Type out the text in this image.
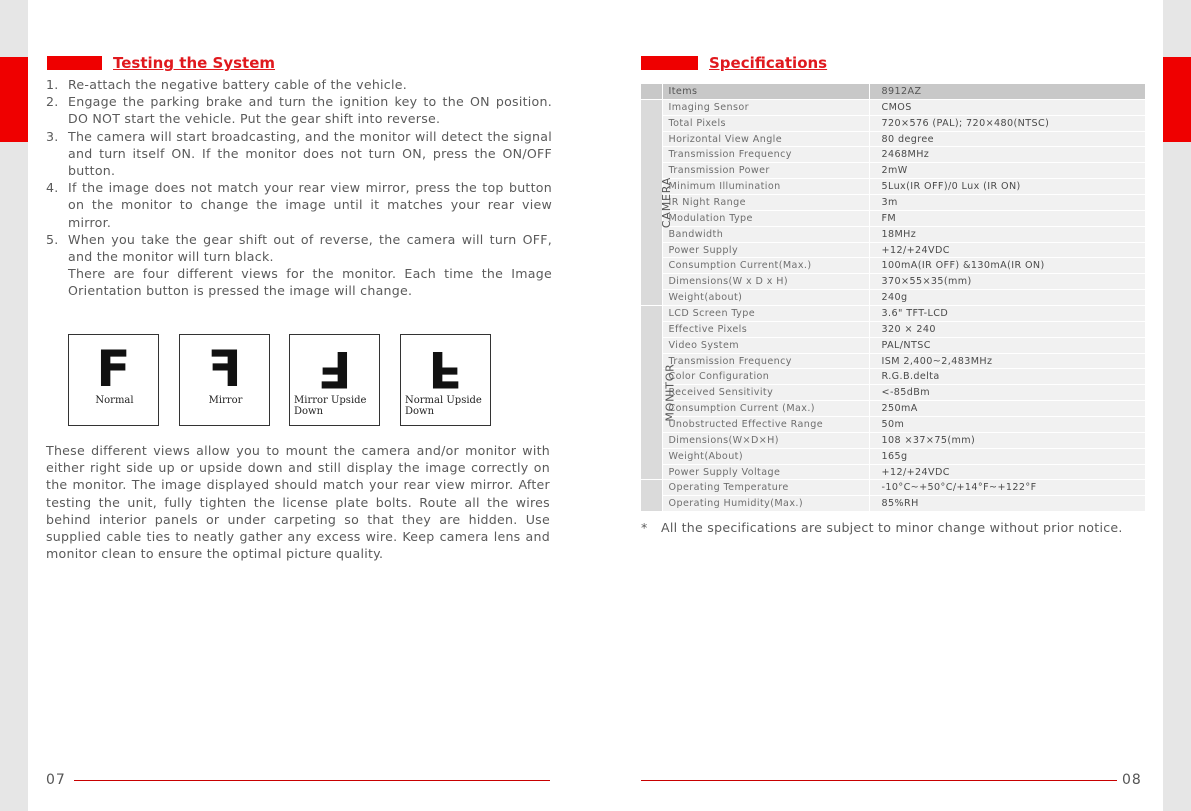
Testing the System
1. Re-attach the negative battery cable of the vehicle.
2. Engage the parking brake and turn the ignition key to the ON position. DO NOT start the vehicle. Put the gear shift into reverse.
3. The camera will start broadcasting, and the monitor will detect the signal and turn itself ON. If the monitor does not turn ON, press the ON/OFF button.
4. If the image does not match your rear view mirror, press the top button on the monitor to change the image until it matches your rear view mirror.
5. When you take the gear shift out of reverse, the camera will turn OFF, and the monitor will turn black.
There are four different views for the monitor. Each time the Image Orientation button is pressed the image will change.
F
Normal
F
Mirror
F
Mirror Upside Down
F
Normal Upside Down

These different views allow you to mount the camera and/or monitor with either right side up or upside down and still display the image correctly on the monitor. The image displayed should match your rear view mirror. After testing the unit, fully tighten the license plate bolts. Route all the wires behind interior panels or under carpeting so that they are hidden. Use supplied cable ties to neatly gather any excess wire. Keep camera lens and monitor clean to ensure the optimal picture quality.

07
Specifications
	Items	8912AZ
CAMERA	Imaging Sensor	CMOS
	Total Pixels	720×576 (PAL); 720×480(NTSC)
	Horizontal View Angle	80 degree
	Transmission Frequency	2468MHz
	Transmission Power	2mW
	Minimum Illumination	5Lux(IR OFF)/0 Lux (IR ON)
	IR Night Range	3m
	Modulation Type	FM
	Bandwidth	18MHz
	Power Supply	+12/+24VDC
	Consumption Current(Max.)	100mA(IR OFF) &130mA(IR ON)
	Dimensions(W x D x H)	370×55×35(mm)
	Weight(about)	240g
MONITOR	LCD Screen Type	3.6" TFT-LCD
	Effective Pixels	320 × 240
	Video System	PAL/NTSC
	Transmission Frequency	ISM 2,400~2,483MHz
	Color Configuration	R.G.B.delta
	Received Sensitivity	<-85dBm
	Consumption Current (Max.)	250mA
	Unobstructed Effective Range	50m
	Dimensions(W×D×H)	108 ×37×75(mm)
	Weight(About)	165g
	Power Supply Voltage	+12/+24VDC
	Operating Temperature	-10°C~+50°C/+14°F~+122°F
	Operating Humidity(Max.)	85%RH
*	All the specifications are subject to minor change without prior notice.
08
